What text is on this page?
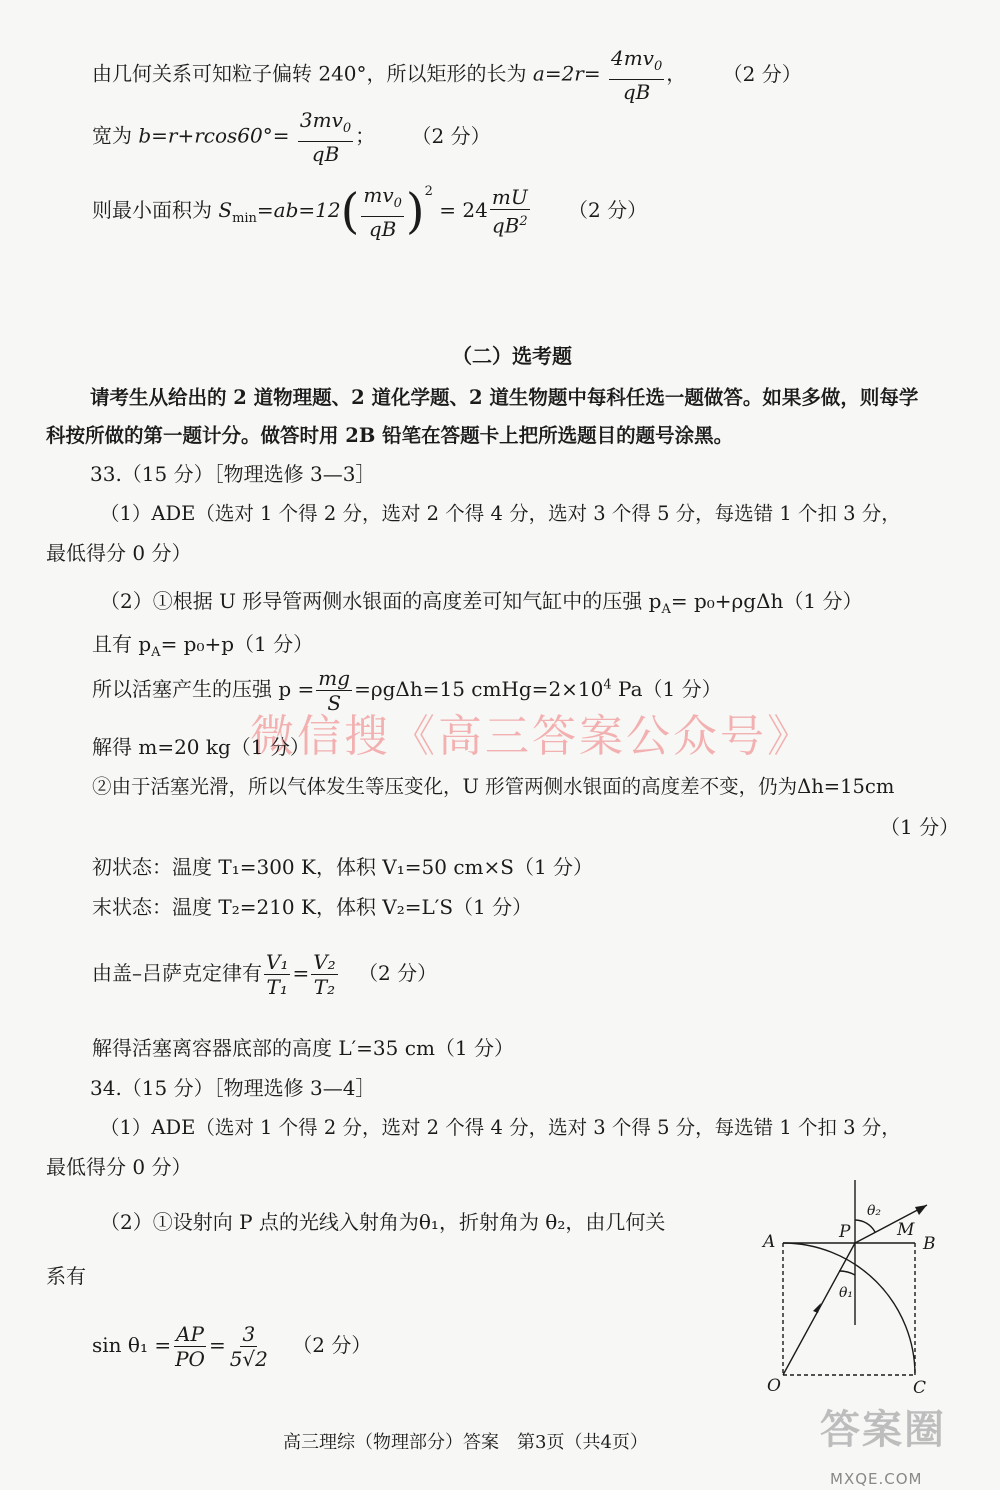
由几何关系可知粒子偏转 240°，所以矩形的长为 $a=2r= \frac{4mv_0}{qB}$ ， （2 分）
宽为 $b=r+rcos60^\circ= \frac{3mv_0}{qB}$ ； （2 分）
则最小面积为 $S_{min}=ab=12( \frac{mv_0}{qB} )^2 = 24 \frac{mU}{qB^2} (2$ 分）
（二）选考题
请考生从给出的 2 道物理题、2 道化学题、2 道生物题中每科任选一题做答。如果多做，则每学
科按所做的第一题计分。做答时用 2B 铅笔在答题卡上把所选题目的题号涂黑。
33.（15 分）［物理选修 3—3］
（1）ADE（选对 1 个得 2 分，选对 2 个得 4 分，选对 3 个得 5 分，每选错 1 个扣 3 分，
最低得分 0 分）
（2）①根据 U 形导管两侧水银面的高度差可知气缸中的压强 $p_A= p_0+\rho g\Delta h(1$ 分）
且有 $p_A= p_0+p(1$ 分）
所以活塞产生的压强 $p = \frac{mg}{S} =\rho g\Delta h=15$ $cmHg=2\times 10^4$ Pa（1 分）
微信搜《高三答案公众号》
解得 m=20 kg（1 分）
②由于活塞光滑，所以气体发生等压变化，U 形管两侧水银面的高度差不变，仍为Δh=15cm
（1 分）
初状态：温度 T₁=300 K，体积 V₁=50 cm×S（1 分）
末状态：温度 T₂=210 K，体积 V₂=L′S（1 分）
由盖–吕萨克定律有 $\frac{\text{V₁}}{\text{T₁}} = \frac{\text{V₂}}{\text{T₂}} (2$ 分）
解得活塞离容器底部的高度 L′=35 cm（1 分）
34.（15 分）［物理选修 3—4］
（1）ADE（选对 1 个得 2 分，选对 2 个得 4 分，选对 3 个得 5 分，每选错 1 个扣 3 分，
最低得分 0 分）
（2）①设射向 P 点的光线入射角为θ₁，折射角为 θ₂，由几何关
系有
$\sin \theta_1 = \frac{AP}{PO} = \frac{3}{5√2} (2$ 分）
A	B
C
O
P	M
θ₁
θ₂
高三理综（物理部分）答案　第3页（共4页）	答案圈
MXQE.COM
